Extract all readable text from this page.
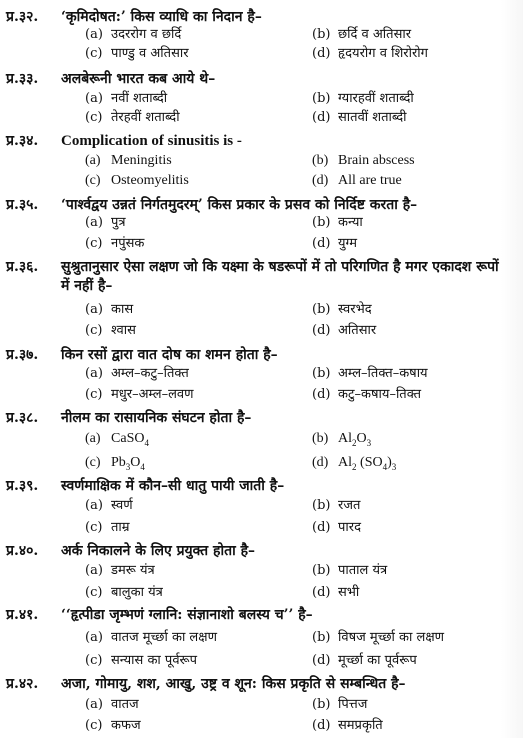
प्र.३२. ‘कृमिदोषत:’ किस व्याधि का निदान है–
(a) उदररोग व छर्दि	(b) छर्दि व अतिसार
(c) पाण्डु व अतिसार	(d) हृदयरोग व शिरोरोग
प्र.३३. अलबेरूनी भारत कब आये थे–
(a) नवीं शताब्दी	(b) ग्यारहवीं शताब्दी
(c) तेरहवीं शताब्दी	(d) सातवीं शताब्दी
प्र.३४. Complication of sinusitis is -
(a) Meningitis	(b) Brain abscess
(c) Osteomyelitis	(d) All are true
प्र.३५. ‘पार्श्वद्वय उन्नतं निर्गतमुदरम्’ किस प्रकार के प्रसव को निर्दिष्ट करता है–
(a) पुत्र	(b) कन्या
(c) नपुंसक	(d) युग्म
प्र.३६. सुश्रुतानुसार ऐसा लक्षण जो कि यक्ष्मा के षडरूपों में तो परिगणित है मगर एकादश रूपों में नहीं है–
(a) कास	(b) स्वरभेद
(c) श्वास	(d) अतिसार
प्र.३७. किन रसों द्वारा वात दोष का शमन होता है–
(a) अम्ल–कटु–तिक्त	(b) अम्ल–तिक्त–कषाय
(c) मधुर–अम्ल–लवण	(d) कटु–कषाय–तिक्त
प्र.३८. नीलम का रासायनिक संघटन होता है–
(a) CaSO$_4$	(b) $Al_2O_3$
(c) $Pb_3O_4$	(d) $Al_2$ $(SO_4)_3$
प्र.३९. स्वर्णमाक्षिक में कौन–सी धातु पायी जाती है–
(a) स्वर्ण	(b) रजत
(c) ताम्र	(d) पारद
प्र.४०. अर्क निकालने के लिए प्रयुक्त होता है–
(a) डमरू यंत्र	(b) पाताल यंत्र
(c) बालुका यंत्र	(d) सभी
प्र.४१. ‘‘हृत्पीडा जृम्भणं ग्लानि: संज्ञानाशो बलस्य च’’ है–
(a) वातज मूर्च्छा का लक्षण	(b) विषज मूर्च्छा का लक्षण
(c) सन्यास का पूर्वरूप	(d) मूर्च्छा का पूर्वरूप
प्र.४२. अजा, गोमायु, शश, आखु, उष्ट्र व शून: किस प्रकृति से सम्बन्धित है–
(a) वातज	(b) पित्तज
(c) कफज	(d) समप्रकृति
